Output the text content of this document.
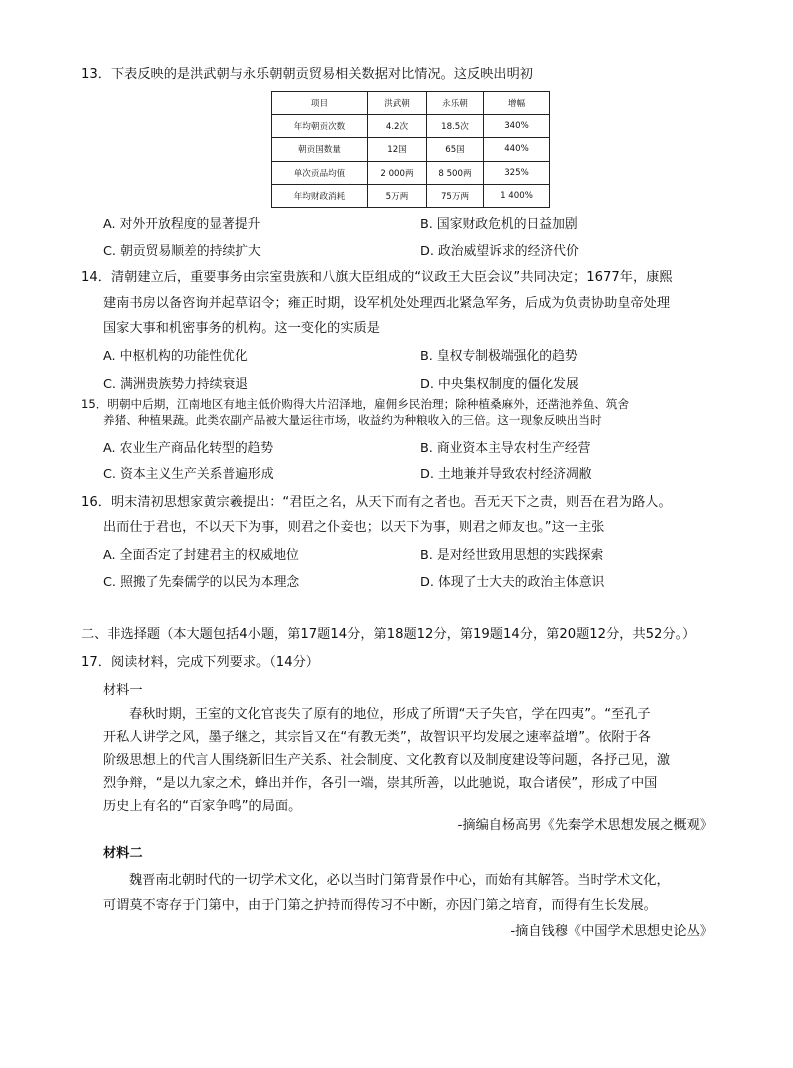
13．下表反映的是洪武朝与永乐朝朝贡贸易相关数据对比情况。这反映出明初
项目	洪武朝	永乐朝	增幅
年均朝贡次数	4.2次	18.5次	340%
朝贡国数量	12国	65国	440%
单次贡品均值	2 000两	8 500两	325%
年均财政消耗	5万两	75万两	1 400%
A. 对外开放程度的显著提升	B. 国家财政危机的日益加剧
C. 朝贡贸易顺差的持续扩大	D. 政治威望诉求的经济代价
14．清朝建立后，重要事务由宗室贵族和八旗大臣组成的“议政王大臣会议”共同决定；1677年，康熙
建南书房以备咨询并起草诏令；雍正时期，设军机处处理西北紧急军务，后成为负责协助皇帝处理
国家大事和机密事务的机构。这一变化的实质是
A. 中枢机构的功能性优化	B. 皇权专制极端强化的趋势
C. 满洲贵族势力持续衰退	D. 中央集权制度的僵化发展
15．明朝中后期，江南地区有地主低价购得大片沼泽地，雇佣乡民治理；除种植桑麻外，还凿池养鱼、筑舍
养猪、种植果蔬。此类农副产品被大量运往市场，收益约为种粮收入的三倍。这一现象反映出当时
A. 农业生产商品化转型的趋势	B. 商业资本主导农村生产经营
C. 资本主义生产关系普遍形成	D. 土地兼并导致农村经济凋敝
16．明末清初思想家黄宗羲提出：“君臣之名，从天下而有之者也。吾无天下之责，则吾在君为路人。
出而仕于君也，不以天下为事，则君之仆妾也；以天下为事，则君之师友也。”这一主张
A. 全面否定了封建君主的权威地位	B. 是对经世致用思想的实践探索
C. 照搬了先秦儒学的以民为本理念	D. 体现了士大夫的政治主体意识
二、非选择题（本大题包括4小题，第17题14分，第18题12分，第19题14分，第20题12分，共52分。）
17．阅读材料，完成下列要求。（14分）
材料一
春秋时期，王室的文化官丧失了原有的地位，形成了所谓“天子失官，学在四夷”。“至孔子
开私人讲学之风，墨子继之，其宗旨又在“有教无类”，故智识平均发展之速率益增”。依附于各
阶级思想上的代言人围绕新旧生产关系、社会制度、文化教育以及制度建设等问题，各抒己见，激
烈争辩，“是以九家之术，蜂出并作，各引一端，崇其所善，以此驰说，取合诸侯”，形成了中国
历史上有名的“百家争鸣”的局面。
-摘编自杨高男《先秦学术思想发展之概观》
材料二
魏晋南北朝时代的一切学术文化，必以当时门第背景作中心，而始有其解答。当时学术文化，
可谓莫不寄存于门第中，由于门第之护持而得传习不中断，亦因门第之培育，而得有生长发展。
-摘自钱穆《中国学术思想史论丛》
